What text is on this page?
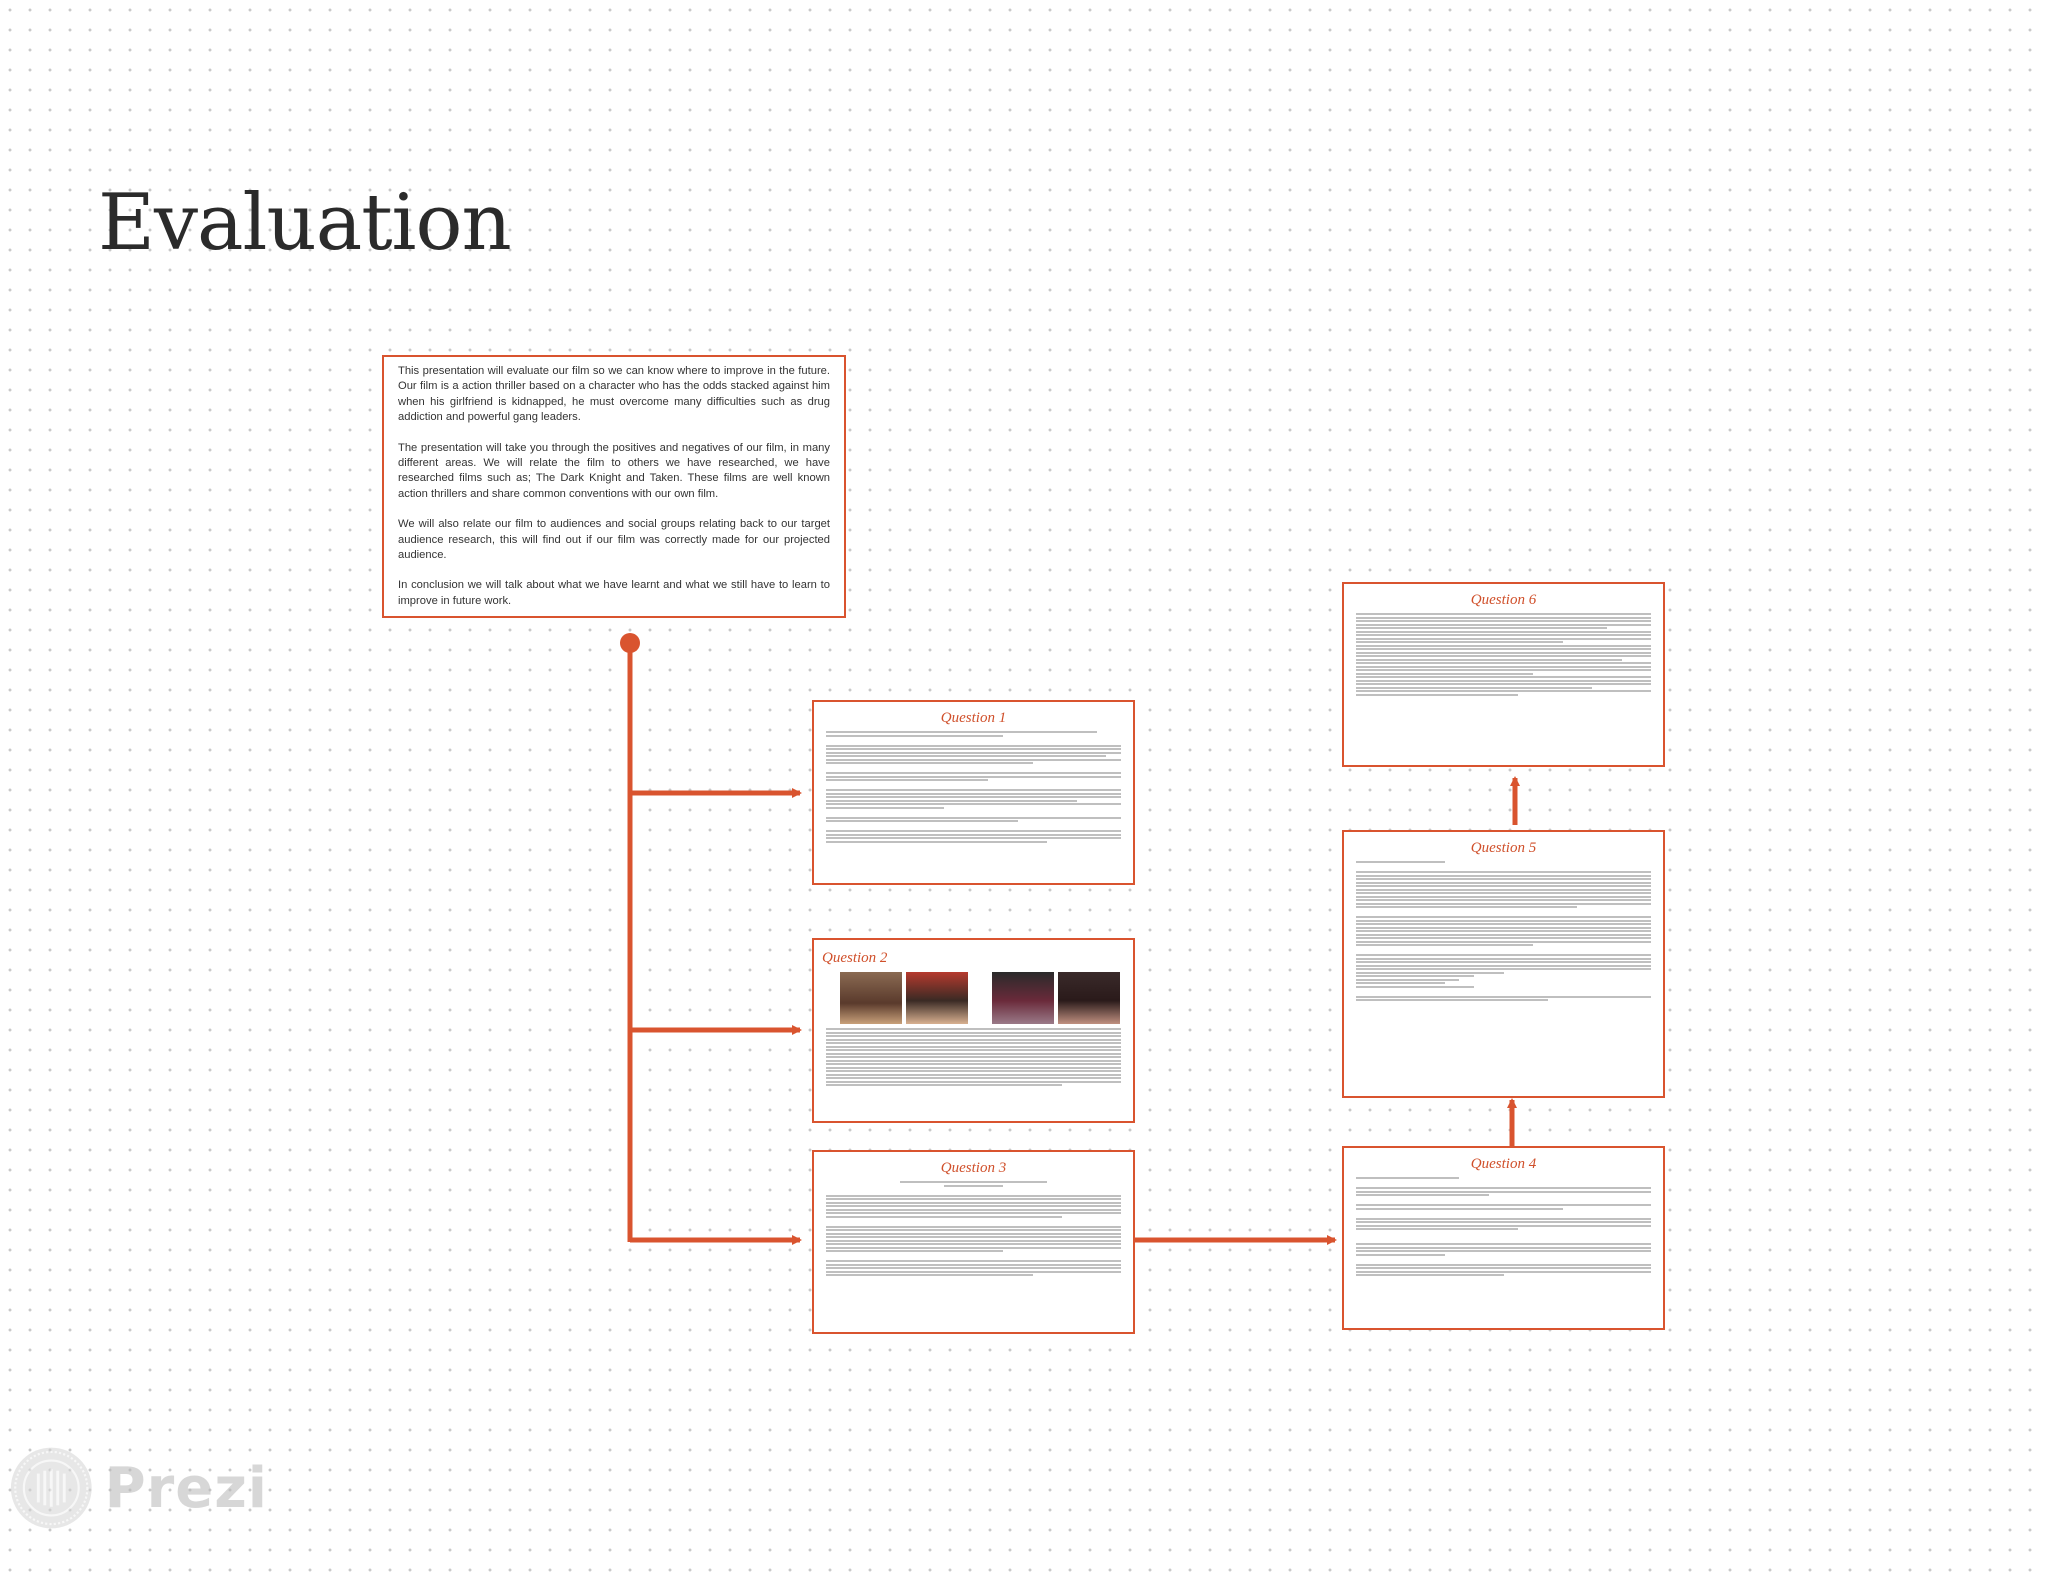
Evaluation

This presentation will evaluate our film so we can know where to improve in the future. Our film is a action thriller based on a character who has the odds stacked against him when his girlfriend is kidnapped, he must overcome many difficulties such as drug addiction and powerful gang leaders.

The presentation will take you through the positives and negatives of our film, in many different areas. We will relate the film to others we have researched, we have researched films such as; The Dark Knight and Taken. These films are well known action thrillers and share common conventions with our own film.

We will also relate our film to audiences and social groups relating back to our target audience research, this will find out if our film was correctly made for our projected audience.

In conclusion we will talk about what we have learnt and what we still have to learn to improve in future work.

Question 1
Question 2
Question 3	Question 4
Question 5
Question 6
Prezi
